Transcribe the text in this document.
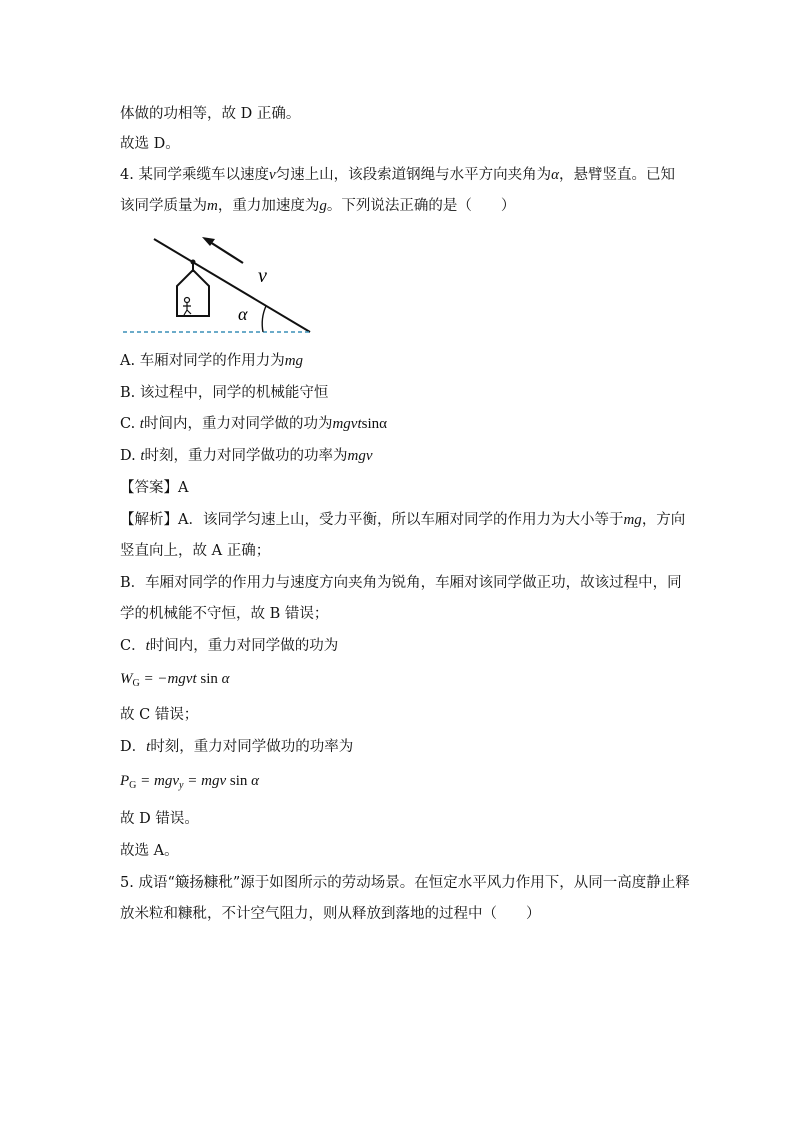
体做的功相等，故 D 正确。
故选 D。
4. 某同学乘缆车以速度v匀速上山，该段索道钢绳与水平方向夹角为α，悬臂竖直。已知
该同学质量为m，重力加速度为g。下列说法正确的是（　　）
v
α
A. 车厢对同学的作用力为mg
B. 该过程中，同学的机械能守恒
C. t时间内，重力对同学做的功为mgvtsinα
D. t时刻，重力对同学做功的功率为mgv
【答案】A
【解析】A．该同学匀速上山，受力平衡，所以车厢对同学的作用力为大小等于mg，方向
竖直向上，故 A 正确；
B．车厢对同学的作用力与速度方向夹角为锐角，车厢对该同学做正功，故该过程中，同
学的机械能不守恒，故 B 错误；
C．t时间内，重力对同学做的功为
$W_G$ = −mgvt sin α
故 C 错误；
D．t时刻，重力对同学做功的功率为
$P_G = mgv_y$ = mgv sin α
故 D 错误。
故选 A。
5. 成语“簸扬糠秕”源于如图所示的劳动场景。在恒定水平风力作用下，从同一高度静止释
放米粒和糠秕，不计空气阻力，则从释放到落地的过程中（　　）
